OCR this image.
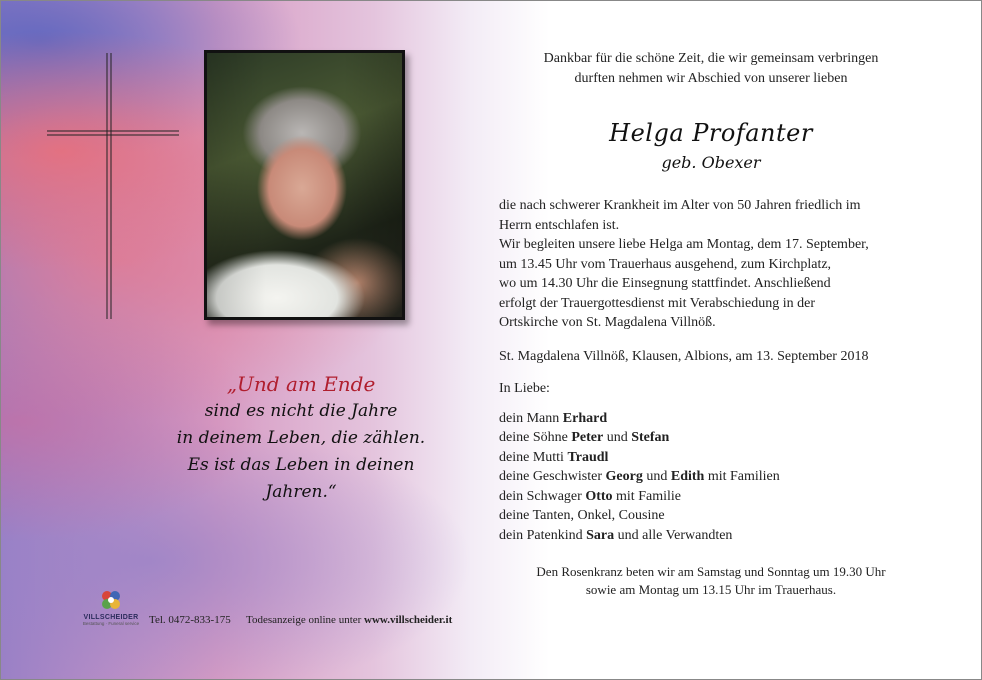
„Und am Ende
sind es nicht die Jahre
in deinem Leben, die zählen.
Es ist das Leben in deinen Jahren.“
Dankbar für die schöne Zeit, die wir gemeinsam verbringen
durften nehmen wir Abschied von unserer lieben
Helga Profanter
geb. Obexer
die nach schwerer Krankheit im Alter von 50 Jahren friedlich im
Herrn entschlafen ist.
Wir begleiten unsere liebe Helga am Montag, dem 17. September,
um 13.45 Uhr vom Trauerhaus ausgehend, zum Kirchplatz,
wo um 14.30 Uhr die Einsegnung stattfindet. Anschließend
erfolgt der Trauergottesdienst mit Verabschiedung in der
Ortskirche von St. Magdalena Villnöß.
St. Magdalena Villnöß, Klausen, Albions, am 13. September 2018
In Liebe:
dein Mann Erhard
deine Söhne Peter und Stefan
deine Mutti Traudl
deine Geschwister Georg und Edith mit Familien
dein Schwager Otto mit Familie
deine Tanten, Onkel, Cousine
dein Patenkind Sara und alle Verwandten
Den Rosenkranz beten wir am Samstag und Sonntag um 19.30 Uhr
sowie am Montag um 13.15 Uhr im Trauerhaus.
VILLSCHEIDER
Bestattung · Funeral service Tel. 0472-833-175 Todesanzeige online unter www.villscheider.it
